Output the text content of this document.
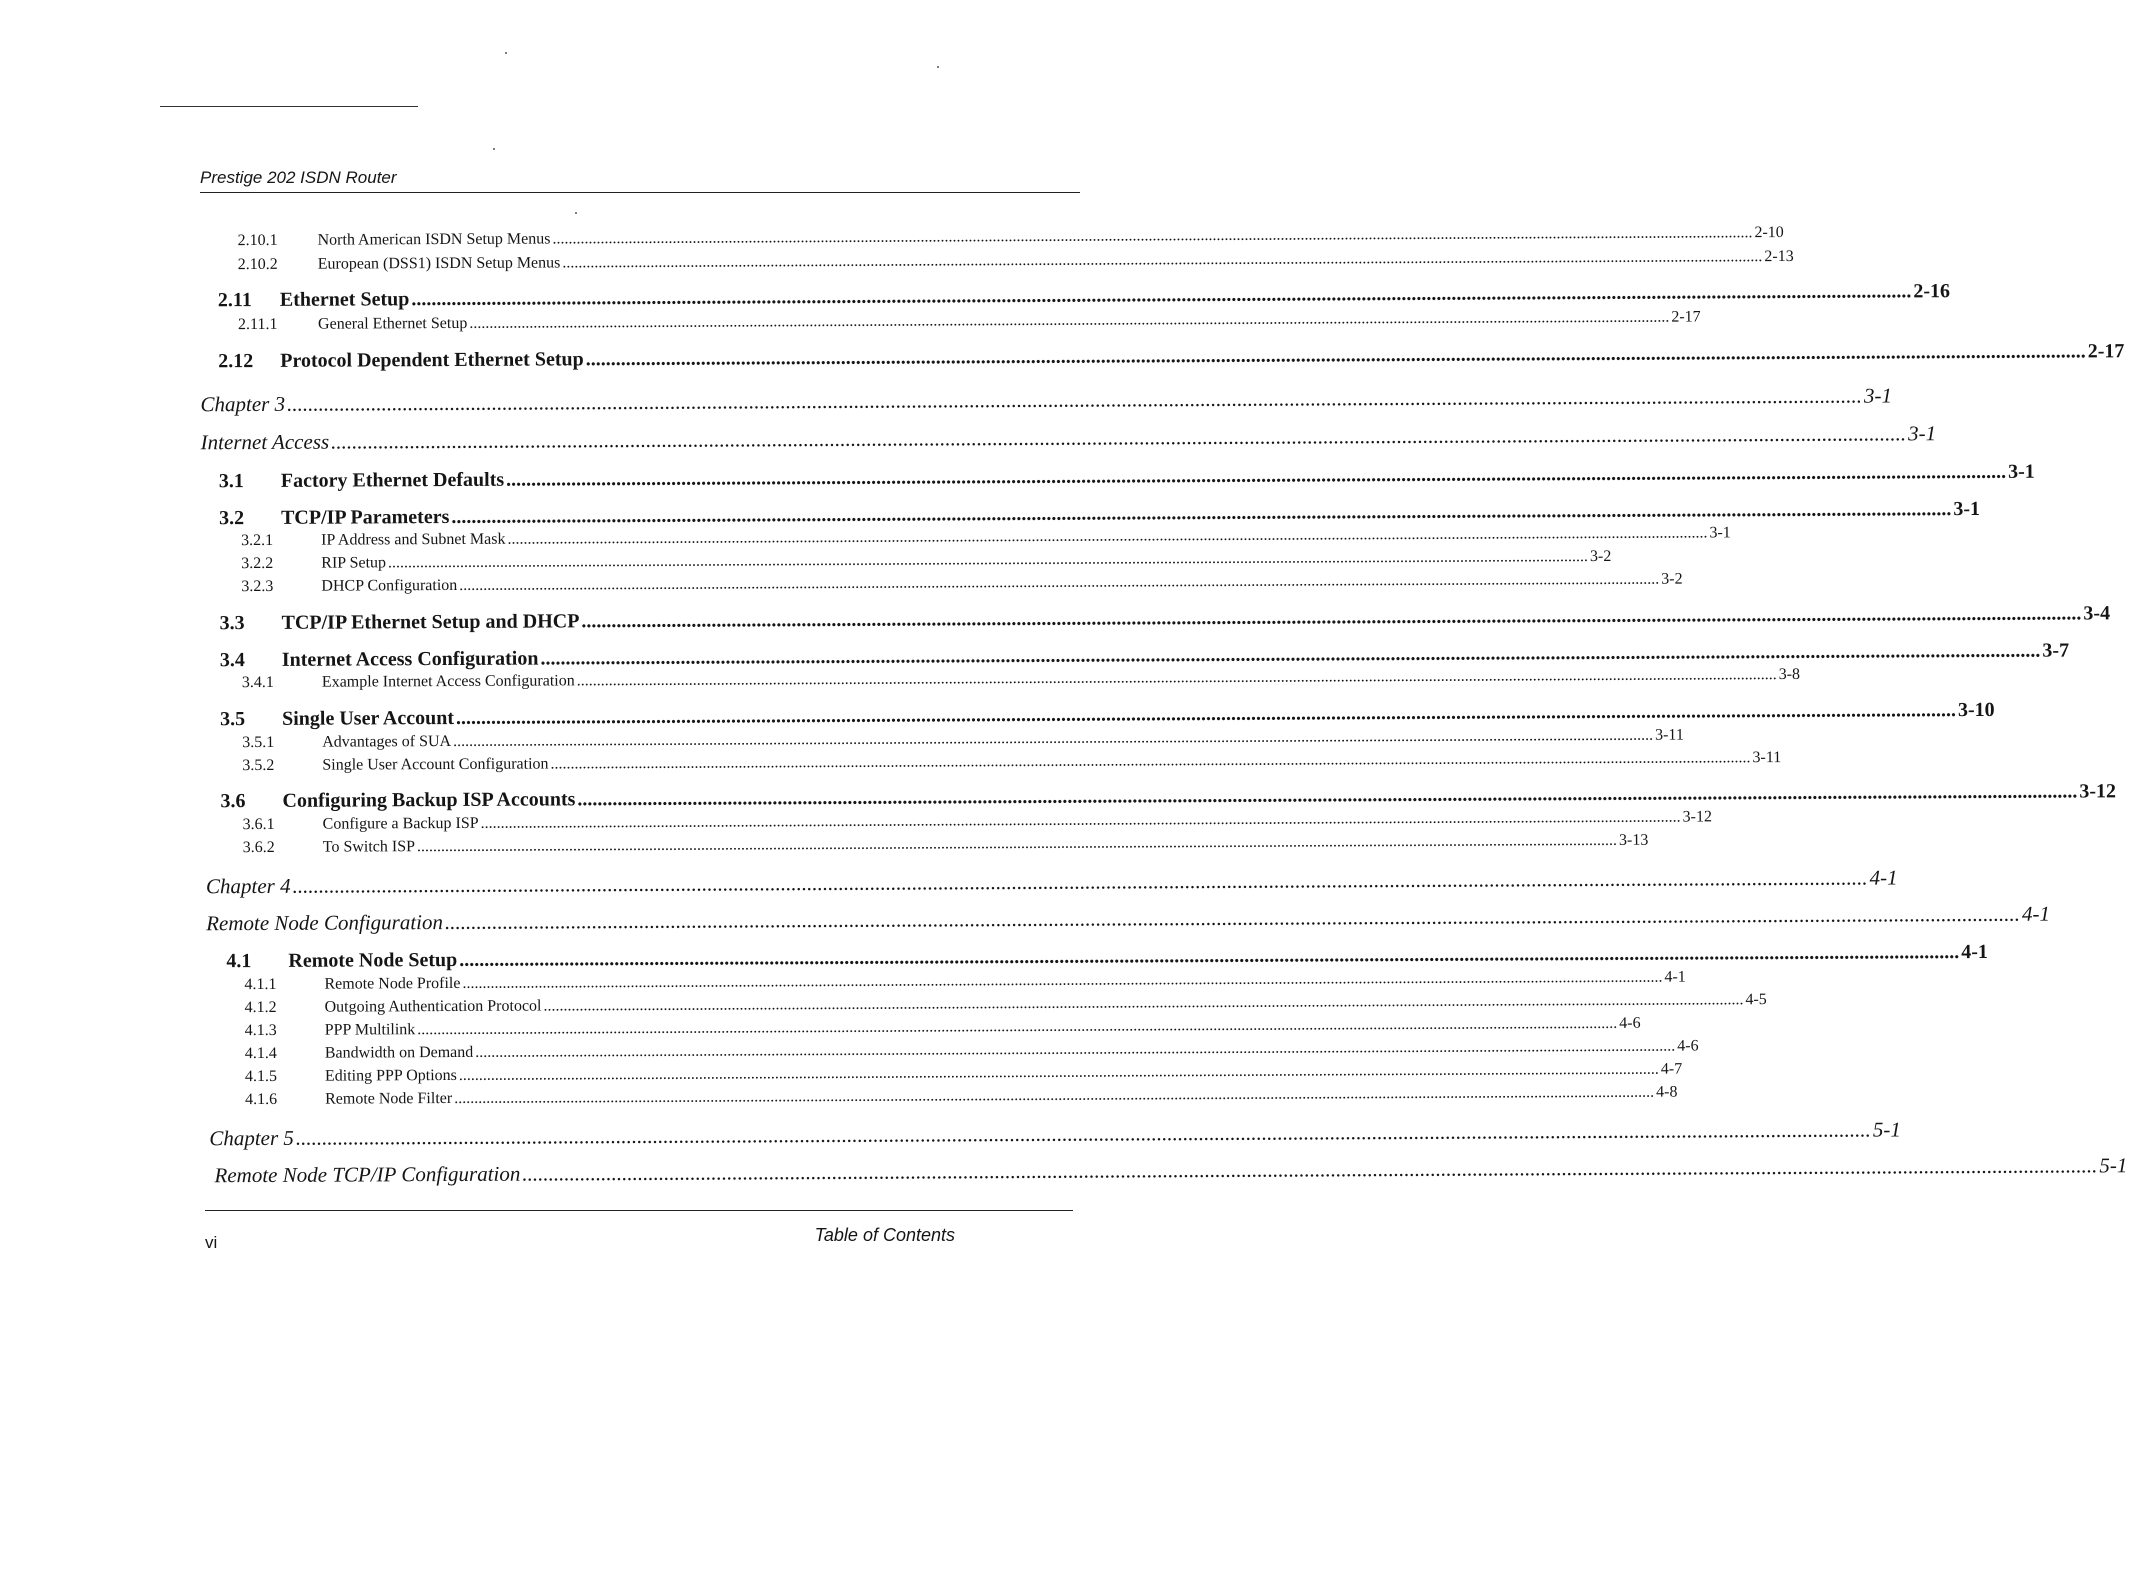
Prestige 202 ISDN Router
2.10.1	North American ISDN Setup Menus ............................................................................................................................................................................................................................................................................................................ 2-10
2.10.2	European (DSS1) ISDN Setup Menus ............................................................................................................................................................................................................................................................................................................ 2-13
2.11	Ethernet Setup ............................................................................................................................................................................................................................................................................................................ 2-16
2.11.1	General Ethernet Setup ............................................................................................................................................................................................................................................................................................................ 2-17
2.12	Protocol Dependent Ethernet Setup ............................................................................................................................................................................................................................................................................................................ 2-17
Chapter 3 ............................................................................................................................................................................................................................................................................................................ 3-1
Internet Access ............................................................................................................................................................................................................................................................................................................ 3-1
3.1	Factory Ethernet Defaults ............................................................................................................................................................................................................................................................................................................ 3-1
3.2	TCP/IP Parameters ............................................................................................................................................................................................................................................................................................................ 3-1
3.2.1	IP Address and Subnet Mask ............................................................................................................................................................................................................................................................................................................ 3-1
3.2.2	RIP Setup ............................................................................................................................................................................................................................................................................................................ 3-2
3.2.3	DHCP Configuration ............................................................................................................................................................................................................................................................................................................ 3-2
3.3	TCP/IP Ethernet Setup and DHCP ............................................................................................................................................................................................................................................................................................................ 3-4
3.4	Internet Access Configuration ............................................................................................................................................................................................................................................................................................................ 3-7
3.4.1	Example Internet Access Configuration ............................................................................................................................................................................................................................................................................................................ 3-8
3.5	Single User Account ............................................................................................................................................................................................................................................................................................................ 3-10
3.5.1	Advantages of SUA ............................................................................................................................................................................................................................................................................................................ 3-11
3.5.2	Single User Account Configuration ............................................................................................................................................................................................................................................................................................................ 3-11
3.6	Configuring Backup ISP Accounts ............................................................................................................................................................................................................................................................................................................ 3-12
3.6.1	Configure a Backup ISP ............................................................................................................................................................................................................................................................................................................ 3-12
3.6.2	To Switch ISP ............................................................................................................................................................................................................................................................................................................ 3-13
Chapter 4 ............................................................................................................................................................................................................................................................................................................ 4-1
Remote Node Configuration ............................................................................................................................................................................................................................................................................................................ 4-1
4.1	Remote Node Setup ............................................................................................................................................................................................................................................................................................................ 4-1
4.1.1	Remote Node Profile ............................................................................................................................................................................................................................................................................................................ 4-1
4.1.2	Outgoing Authentication Protocol ............................................................................................................................................................................................................................................................................................................ 4-5
4.1.3	PPP Multilink ............................................................................................................................................................................................................................................................................................................ 4-6
4.1.4	Bandwidth on Demand ............................................................................................................................................................................................................................................................................................................ 4-6
4.1.5	Editing PPP Options ............................................................................................................................................................................................................................................................................................................ 4-7
4.1.6	Remote Node Filter ............................................................................................................................................................................................................................................................................................................ 4-8
Chapter 5 ............................................................................................................................................................................................................................................................................................................ 5-1
Remote Node TCP/IP Configuration ............................................................................................................................................................................................................................................................................................................ 5-1
vi	Table of Contents
